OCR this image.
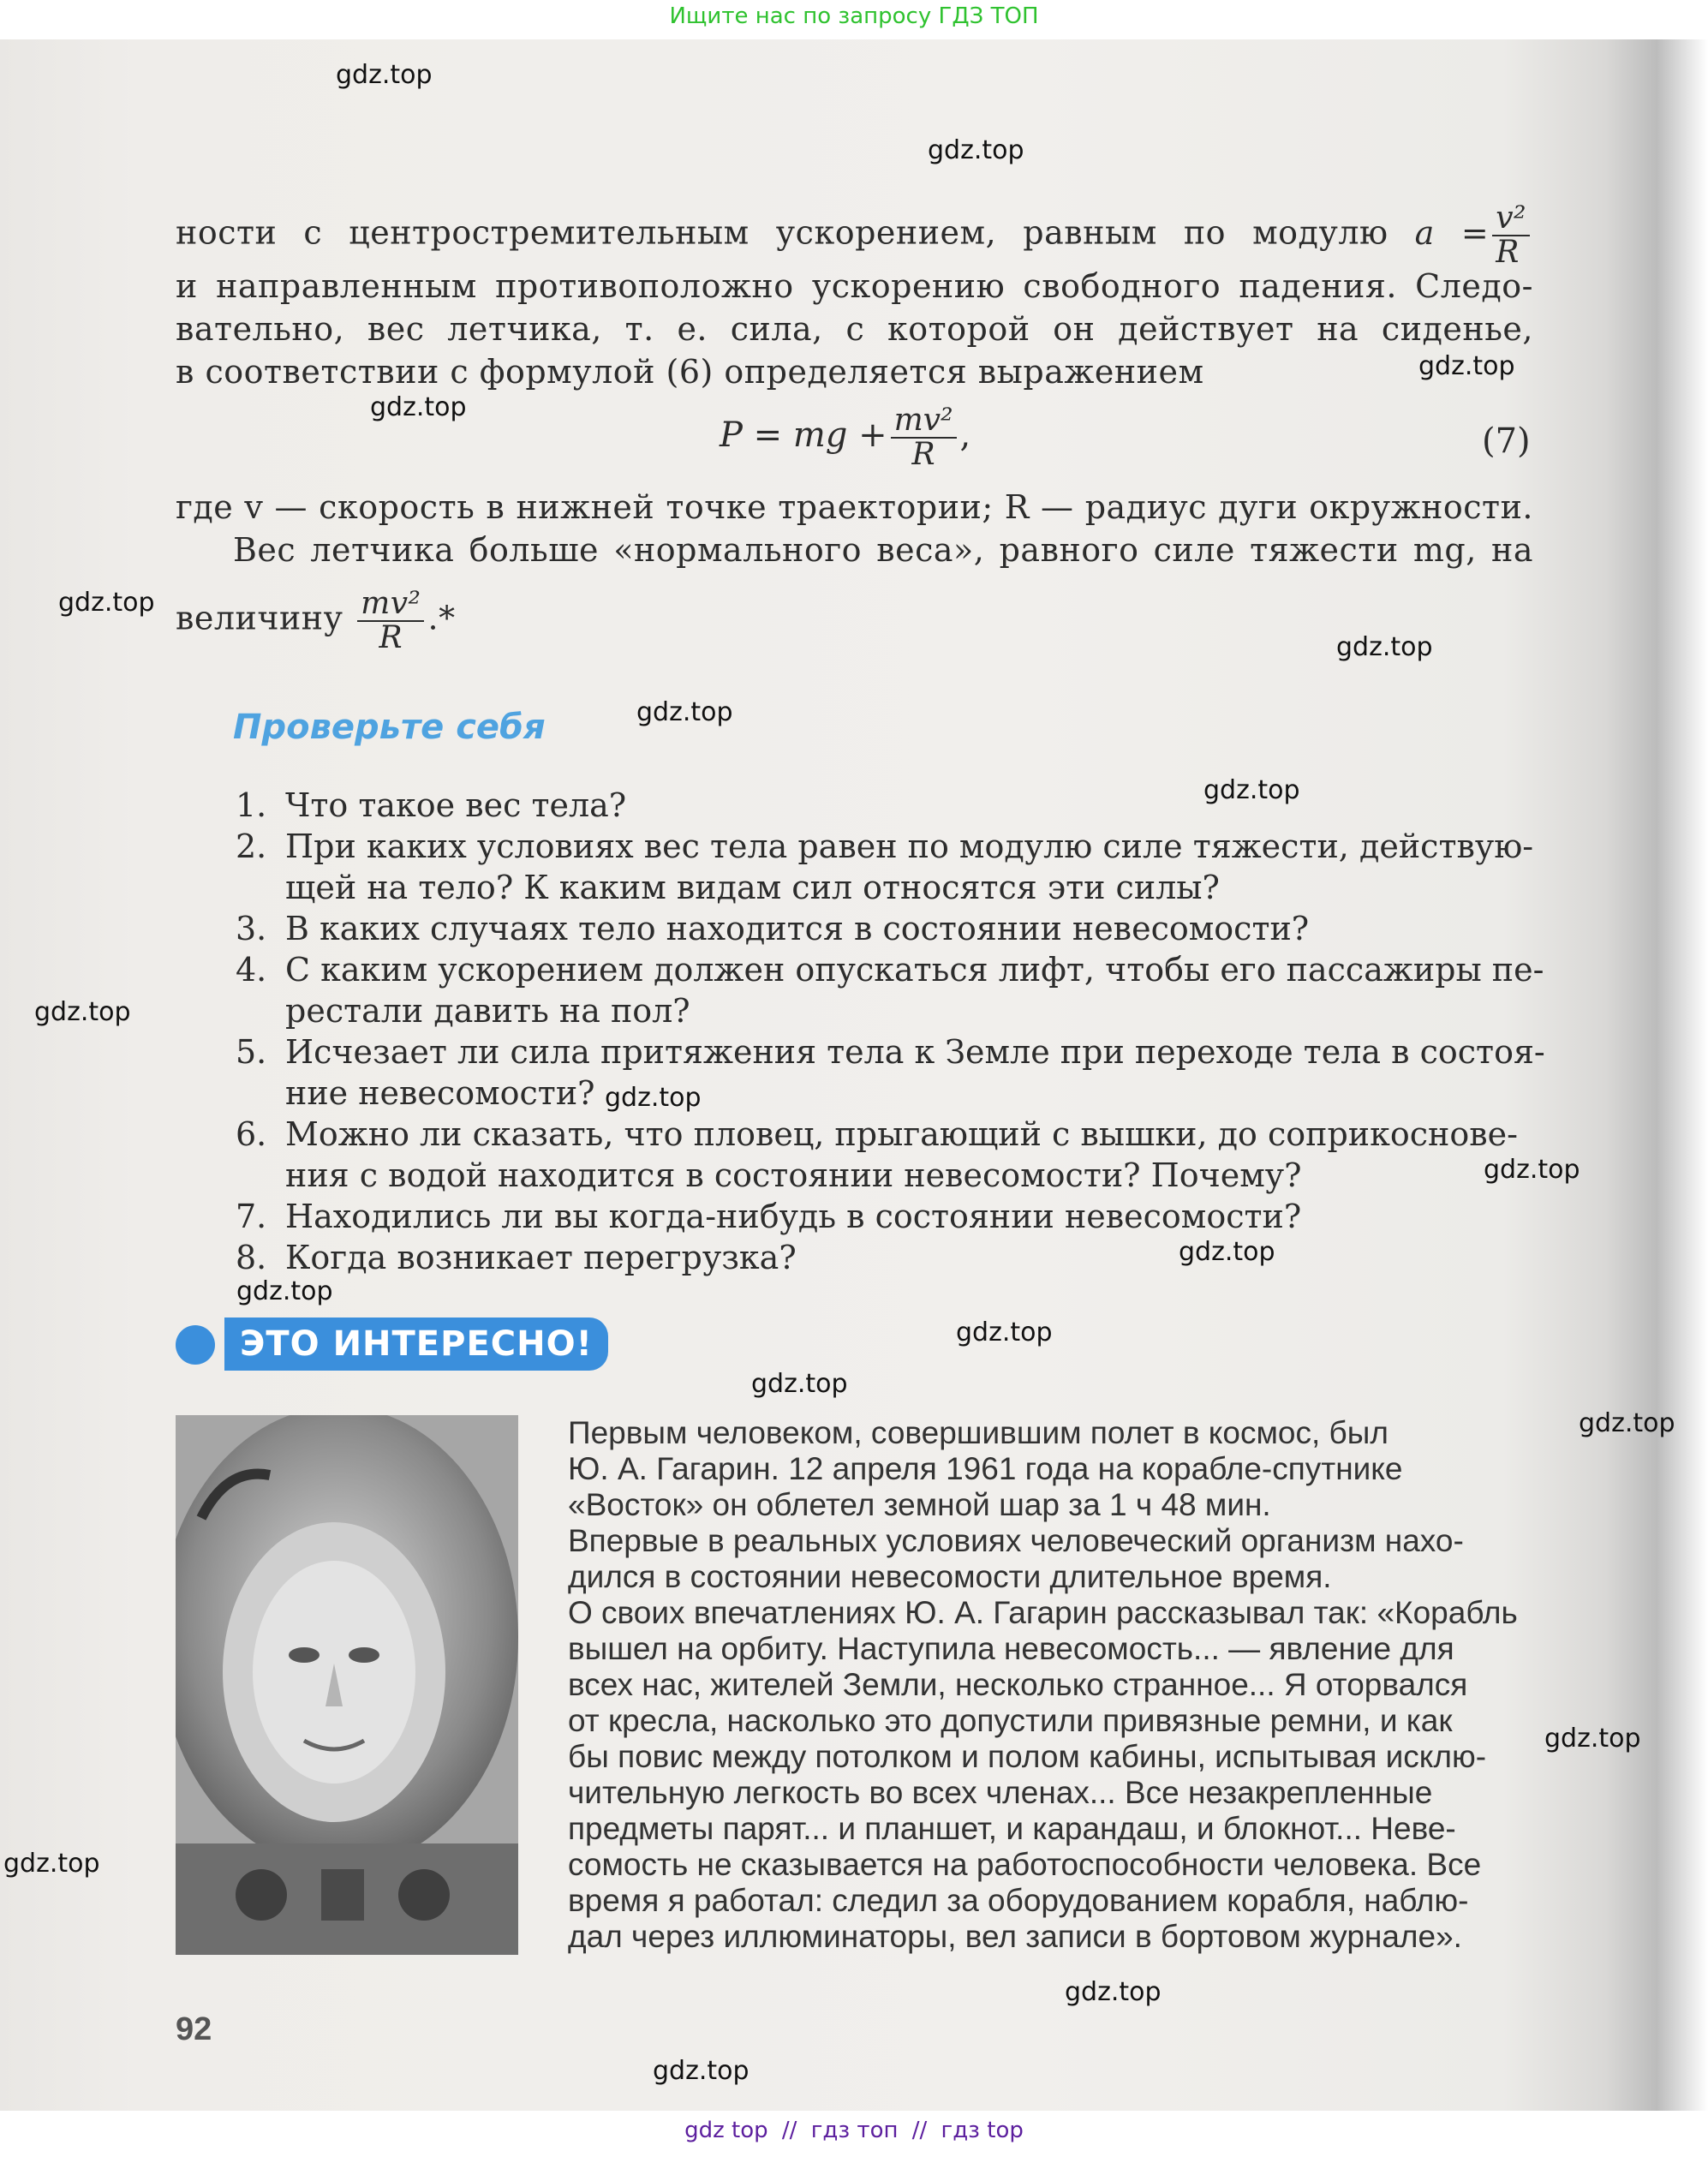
Ищите нас по запросу ГДЗ ТОП
ности с центростремительным ускорением, равным по модулю $a = \frac{\text{v²}}{R}$
и направленным противоположно ускорению свободного падения. Следо-
вательно, вес летчика, т. е. сила, с которой он действует на сиденье,
в соответствии с формулой (6) определяется выражением
P = mg + $\frac{\text{mv²}}{R}$ ,	(7)
где v — скорость в нижней точке траектории; R — радиус дуги окружности.
Вес летчика больше «нормального веса», равного силе тяжести mg, на
величину $\frac{\text{mv²}}{R}$ .*
Проверьте себя
1. Что такое вес тела?
2. При каких условиях вес тела равен по модулю силе тяжести, действую-
щей на тело? К каким видам сил относятся эти силы?
3. В каких случаях тело находится в состоянии невесомости?
4. С каким ускорением должен опускаться лифт, чтобы его пассажиры пе-
рестали давить на пол?
5. Исчезает ли сила притяжения тела к Земле при переходе тела в состоя-
ние невесомости?
6. Можно ли сказать, что пловец, прыгающий с вышки, до соприкоснове-
ния с водой находится в состоянии невесомости? Почему?
7. Находились ли вы когда-нибудь в состоянии невесомости?
8. Когда возникает перегрузка?
ЭТО ИНТЕРЕСНО!
Первым человеком, совершившим полет в космос, был
Ю. А. Гагарин. 12 апреля 1961 года на корабле-спутнике
«Восток» он облетел земной шар за 1 ч 48 мин.
Впервые в реальных условиях человеческий организм нахо-
дился в состоянии невесомости длительное время.
О своих впечатлениях Ю. А. Гагарин рассказывал так: «Корабль
вышел на орбиту. Наступила невесомость... — явление для
всех нас, жителей Земли, несколько странное... Я оторвался
от кресла, насколько это допустили привязные ремни, и как
бы повис между потолком и полом кабины, испытывая исклю-
чительную легкость во всех членах... Все незакрепленные
предметы парят... и планшет, и карандаш, и блокнот... Неве-
сомость не сказывается на работоспособности человека. Все
время я работал: следил за оборудованием корабля, наблю-
дал через иллюминаторы, вел записи в бортовом журнале».
92
gdz.top
gdz.top
gdz.top
gdz.top
gdz.top
gdz.top
gdz.top
gdz.top
gdz.top
gdz.top
gdz.top
gdz.top
gdz.top
gdz.top
gdz.top
gdz.top
gdz.top
gdz.top
gdz.top
gdz.top
gdz top // гдз топ // гдз top
